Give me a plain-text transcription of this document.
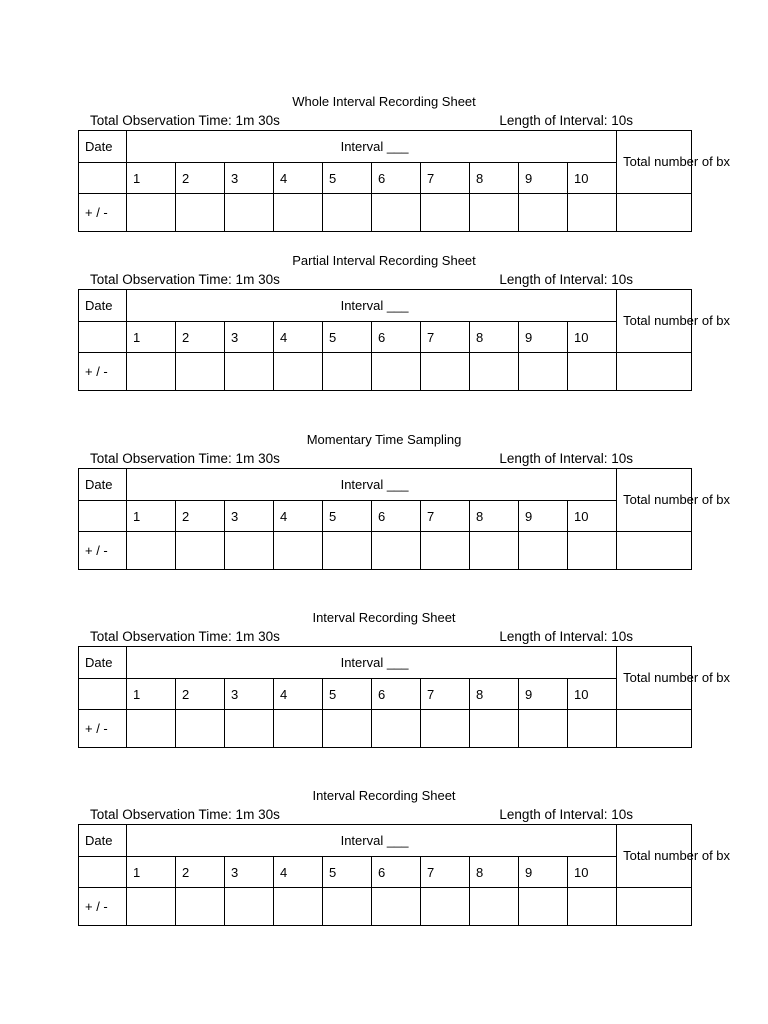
Whole Interval Recording Sheet
Total Observation Time: 1m 30s	Length of Interval: 10s
Date	Interval ___										Total number of bx
	1	2	3	4	5	6	7	8	9	10	
+ / -											
Partial Interval Recording Sheet
Total Observation Time: 1m 30s	Length of Interval: 10s
Date	Interval ___										Total number of bx
	1	2	3	4	5	6	7	8	9	10	
+ / -											
Momentary Time Sampling
Total Observation Time: 1m 30s	Length of Interval: 10s
Date	Interval ___										Total number of bx
	1	2	3	4	5	6	7	8	9	10	
+ / -											
Interval Recording Sheet
Total Observation Time: 1m 30s	Length of Interval: 10s
Date	Interval ___										Total number of bx
	1	2	3	4	5	6	7	8	9	10	
+ / -											
Interval Recording Sheet
Total Observation Time: 1m 30s	Length of Interval: 10s
Date	Interval ___										Total number of bx
	1	2	3	4	5	6	7	8	9	10	
+ / -											
